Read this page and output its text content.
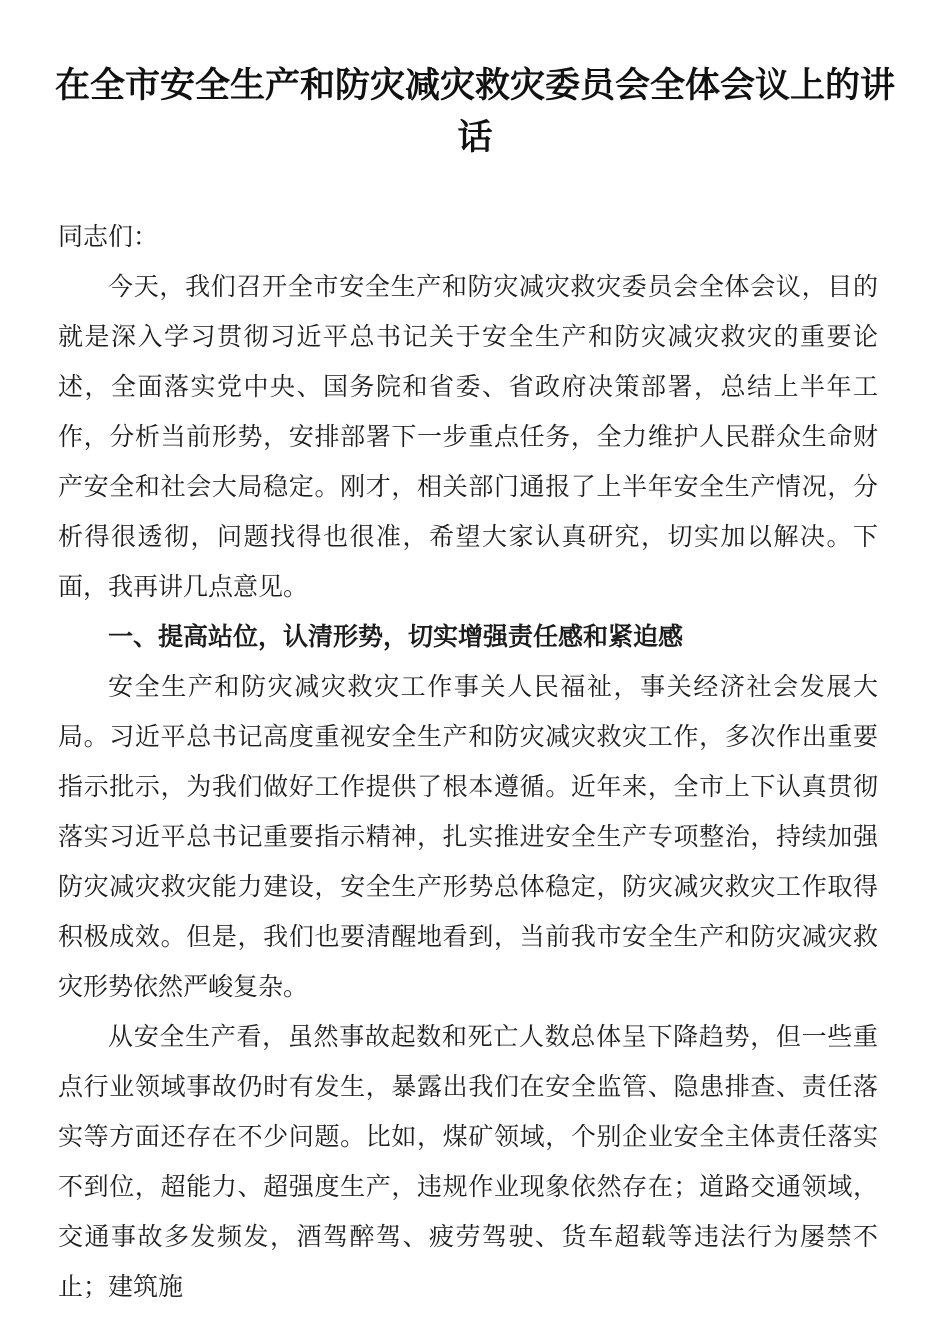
在全市安全生产和防灾减灾救灾委员会全体会议上的讲话

同志们：

今天，我们召开全市安全生产和防灾减灾救灾委员会全体会议，目的就是深入学习贯彻习近平总书记关于安全生产和防灾减灾救灾的重要论述，全面落实党中央、国务院和省委、省政府决策部署，总结上半年工作，分析当前形势，安排部署下一步重点任务，全力维护人民群众生命财产安全和社会大局稳定。刚才，相关部门通报了上半年安全生产情况，分析得很透彻，问题找得也很准，希望大家认真研究，切实加以解决。下面，我再讲几点意见。

一、提高站位，认清形势，切实增强责任感和紧迫感

安全生产和防灾减灾救灾工作事关人民福祉，事关经济社会发展大局。习近平总书记高度重视安全生产和防灾减灾救灾工作，多次作出重要指示批示，为我们做好工作提供了根本遵循。近年来，全市上下认真贯彻落实习近平总书记重要指示精神，扎实推进安全生产专项整治，持续加强防灾减灾救灾能力建设，安全生产形势总体稳定，防灾减灾救灾工作取得积极成效。但是，我们也要清醒地看到，当前我市安全生产和防灾减灾救灾形势依然严峻复杂。

从安全生产看，虽然事故起数和死亡人数总体呈下降趋势，但一些重点行业领域事故仍时有发生，暴露出我们在安全监管、隐患排查、责任落实等方面还存在不少问题。比如，煤矿领域，个别企业安全主体责任落实不到位，超能力、超强度生产，违规作业现象依然存在；道路交通领域，交通事故多发频发，酒驾醉驾、疲劳驾驶、货车超载等违法行为屡禁不止；建筑施
